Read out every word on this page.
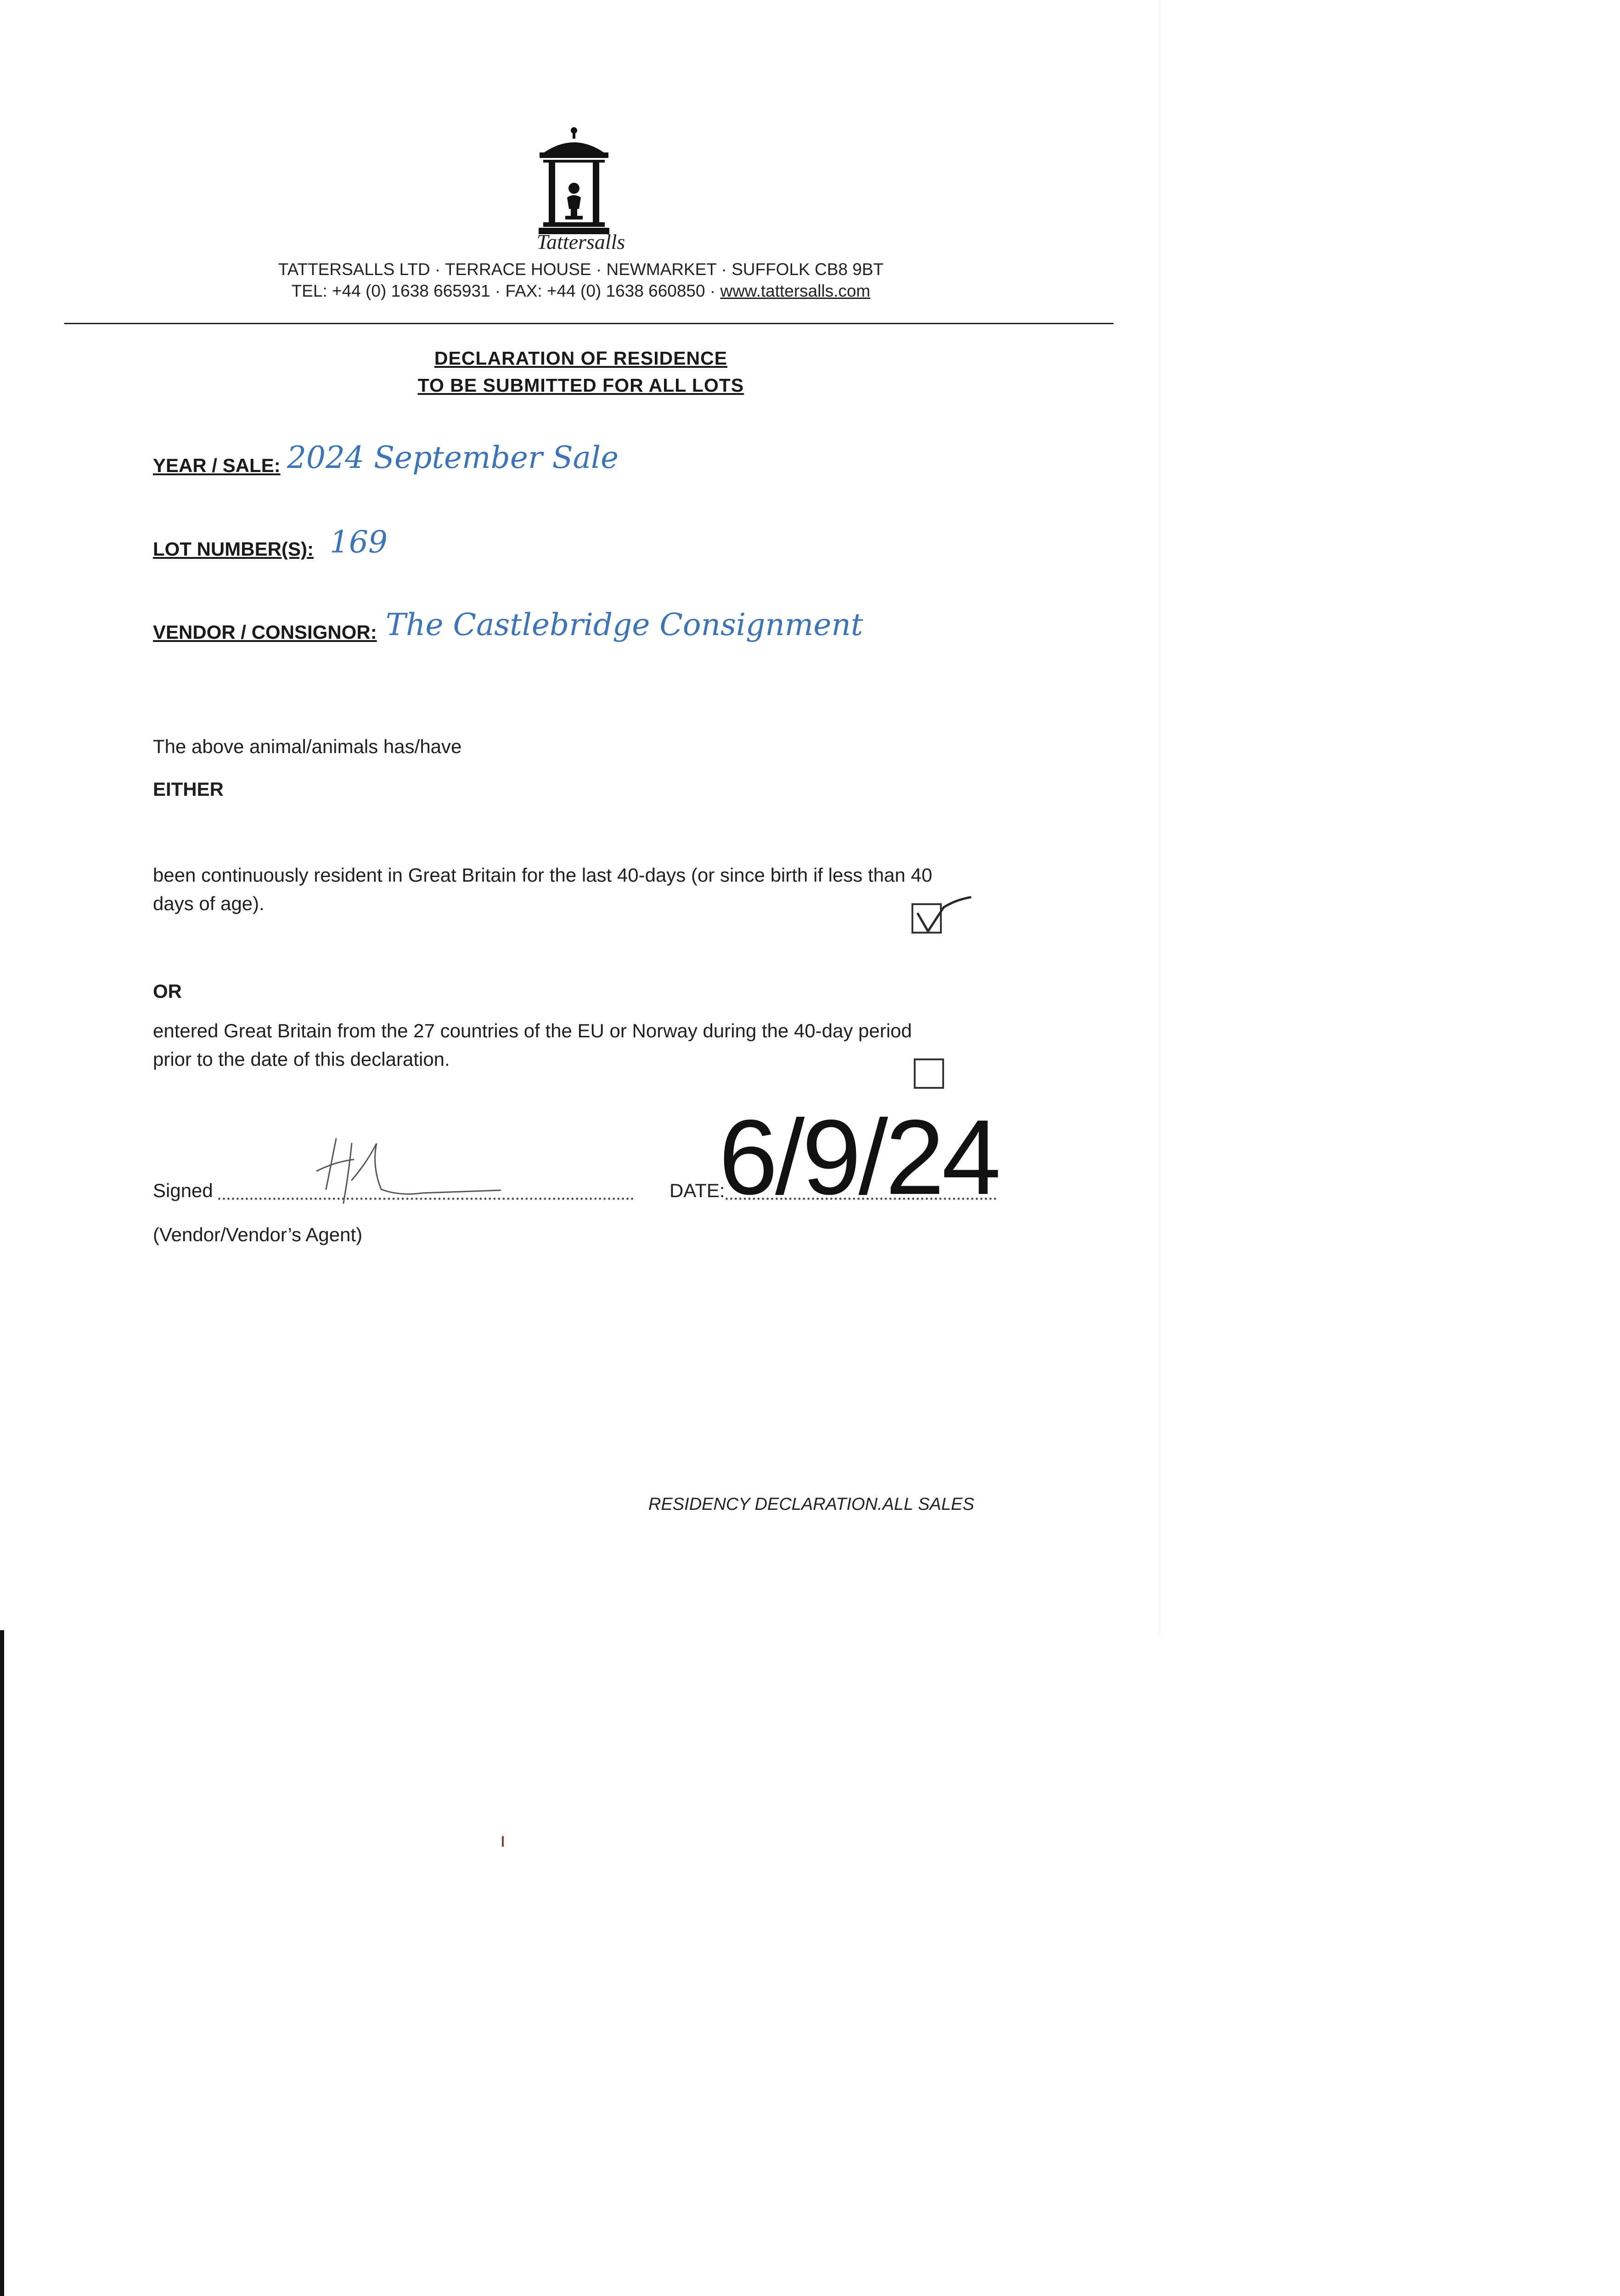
Tattersalls
TATTERSALLS LTD · TERRACE HOUSE · NEWMARKET · SUFFOLK CB8 9BT
TEL: +44 (0) 1638 665931 · FAX: +44 (0) 1638 660850 · www.tattersalls.com
DECLARATION OF RESIDENCE
TO BE SUBMITTED FOR ALL LOTS
YEAR / SALE: 2024 September Sale
LOT NUMBER(S): 169
VENDOR / CONSIGNOR: The Castlebridge Consignment
The above animal/animals has/have
EITHER
been continuously resident in Great Britain for the last 40-days (or since birth if less than 40
days of age).
OR
entered Great Britain from the 27 countries of the EU or Norway during the 40-day period
prior to the date of this declaration.
Signed
(Vendor/Vendor’s Agent)
DATE:
6/9/24
RESIDENCY DECLARATION.ALL SALES
